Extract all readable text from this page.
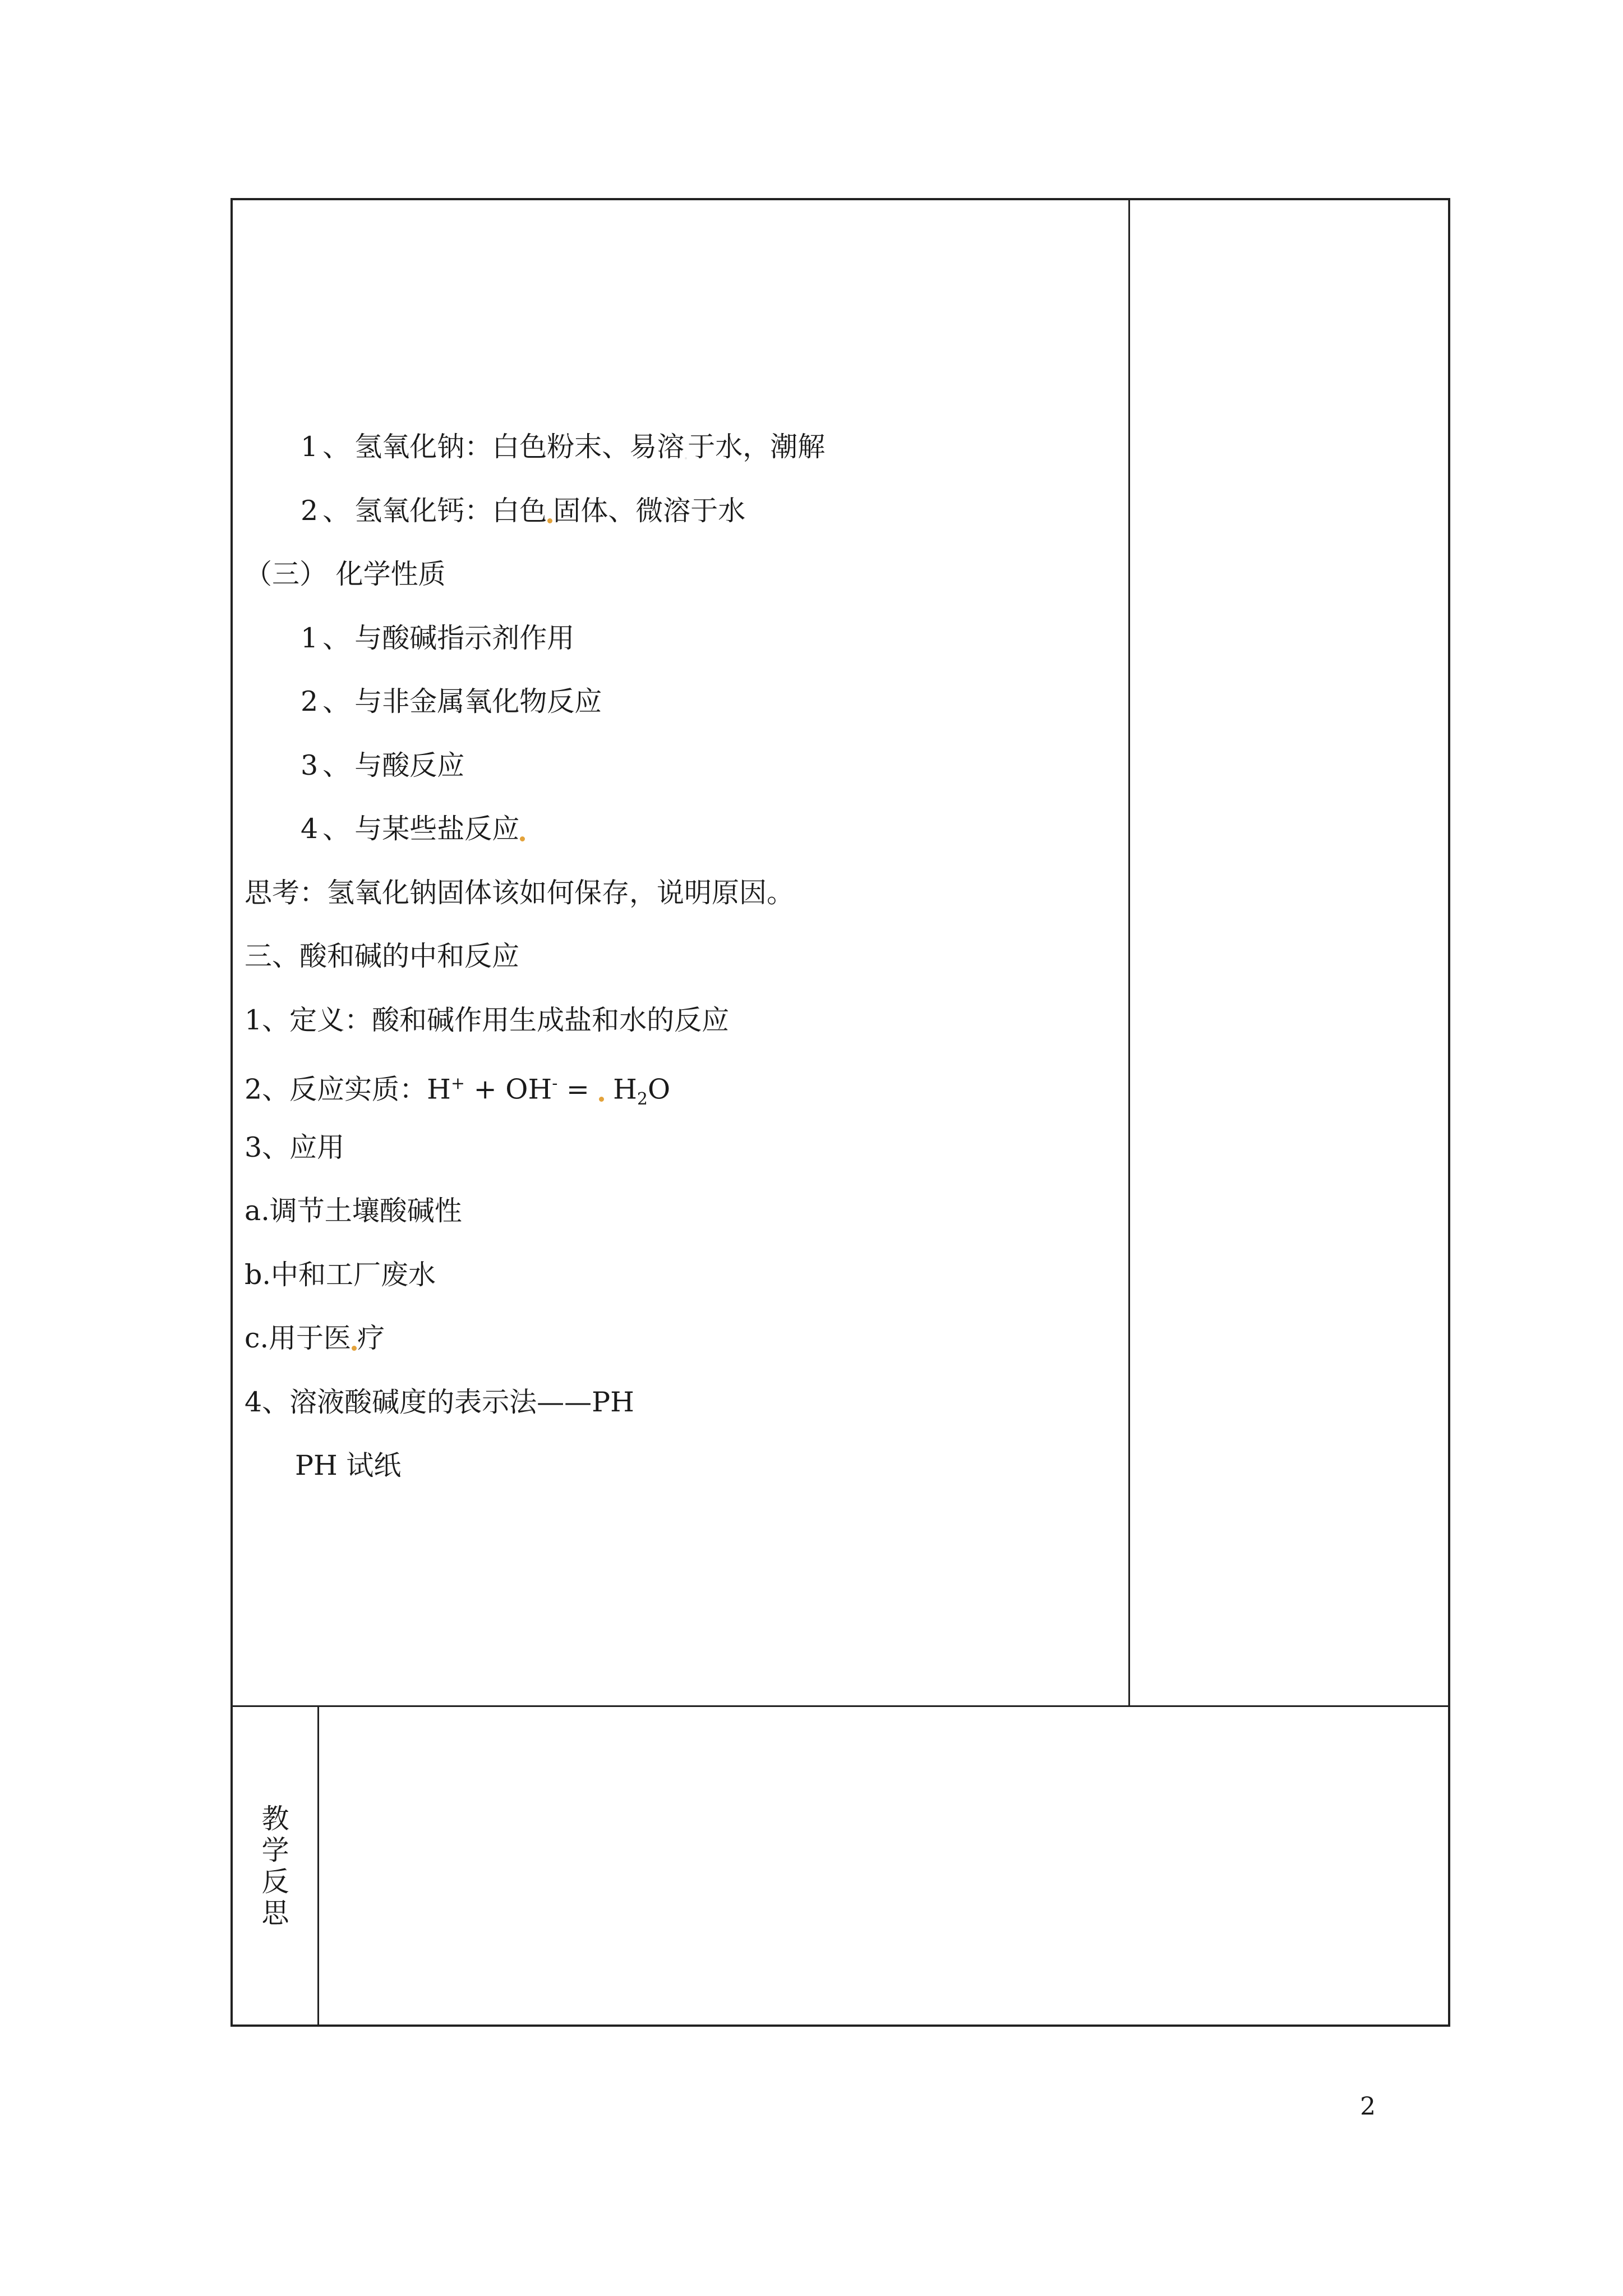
1、氢氧化钠：白色粉末、易溶 于水，潮解
2、氢氧化钙：白色 固体、微溶于水
（三） 化学性质
1、与酸碱指示剂作用
2、与非金属氧化物反应
3、与酸反应
4、与某些盐反应
思考：氢氧化钠固体该如何保存，说明原因。
三、酸和碱的中和反应
1、定义：酸和碱作用生成盐和水的反应
2、反应实质：$H^+ + OH^- = H_2O$
3、应用
a.调节土壤酸碱性
b.中和工厂废水
c.用于医 疗
4、溶液酸碱度的表示法——PH
PH 试纸
教
学
反
思
2
